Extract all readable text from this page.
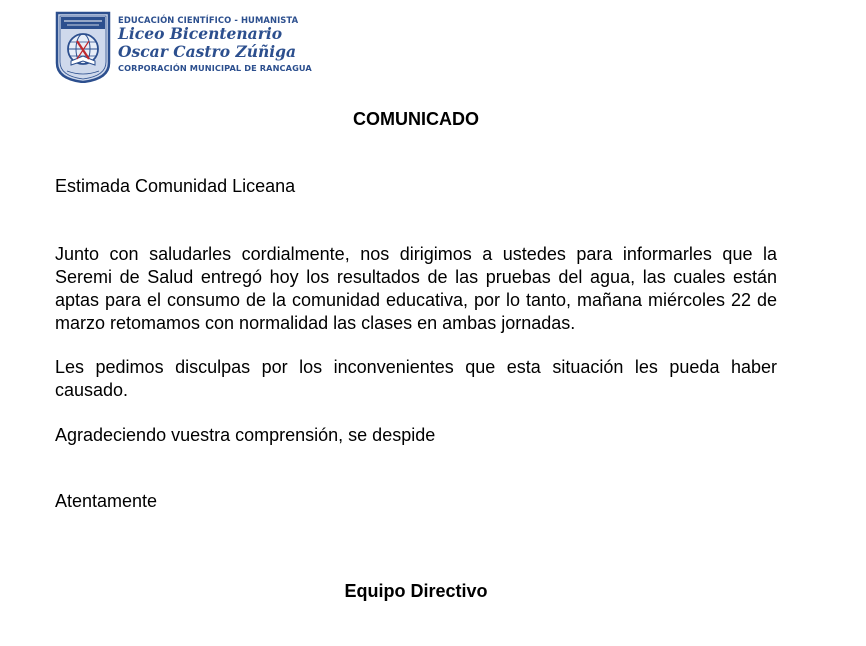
EDUCACIÓN CIENTÍFICO - HUMANISTA
Liceo Bicentenario
Oscar Castro Zúñiga
CORPORACIÓN MUNICIPAL DE RANCAGUA
COMUNICADO
Estimada Comunidad Liceana
Junto con saludarles cordialmente, nos dirigimos a ustedes para informarles que la Seremi de Salud entregó hoy los resultados de las pruebas del agua, las cuales están aptas para el consumo de la comunidad educativa, por lo tanto, mañana miércoles 22 de marzo retomamos con normalidad las clases en ambas jornadas.
Les pedimos disculpas por los inconvenientes que esta situación les pueda haber causado.
Agradeciendo vuestra comprensión, se despide
Atentamente
Equipo Directivo
